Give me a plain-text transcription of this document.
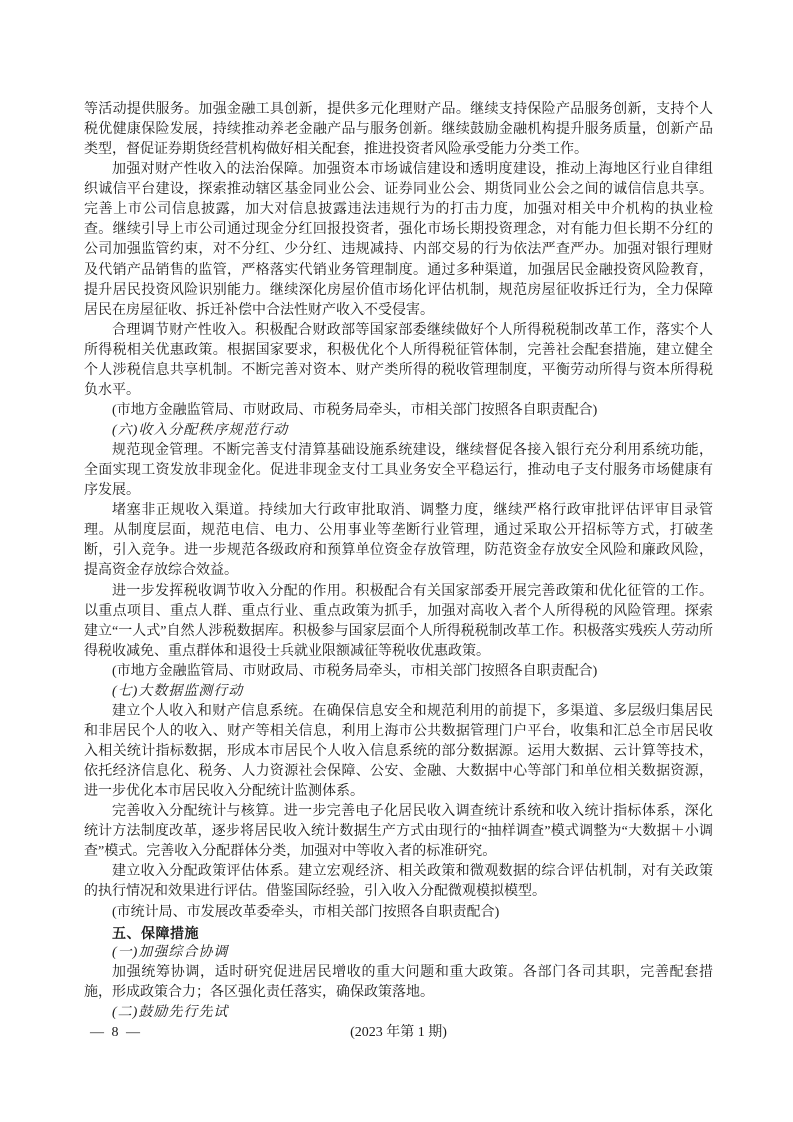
等活动提供服务。加强金融工具创新，提供多元化理财产品。继续支持保险产品服务创新，支持个人税优健康保险发展，持续推动养老金融产品与服务创新。继续鼓励金融机构提升服务质量，创新产品类型，督促证券期货经营机构做好相关配套，推进投资者风险承受能力分类工作。

加强对财产性收入的法治保障。加强资本市场诚信建设和透明度建设，推动上海地区行业自律组织诚信平台建设，探索推动辖区基金同业公会、证券同业公会、期货同业公会之间的诚信信息共享。完善上市公司信息披露，加大对信息披露违法违规行为的打击力度，加强对相关中介机构的执业检查。继续引导上市公司通过现金分红回报投资者，强化市场长期投资理念，对有能力但长期不分红的公司加强监管约束，对不分红、少分红、违规减持、内部交易的行为依法严查严办。加强对银行理财及代销产品销售的监管，严格落实代销业务管理制度。通过多种渠道，加强居民金融投资风险教育，提升居民投资风险识别能力。继续深化房屋价值市场化评估机制，规范房屋征收拆迁行为，全力保障居民在房屋征收、拆迁补偿中合法性财产收入不受侵害。

合理调节财产性收入。积极配合财政部等国家部委继续做好个人所得税税制改革工作，落实个人所得税相关优惠政策。根据国家要求，积极优化个人所得税征管体制，完善社会配套措施，建立健全个人涉税信息共享机制。不断完善对资本、财产类所得的税收管理制度，平衡劳动所得与资本所得税负水平。

(市地方金融监管局、市财政局、市税务局牵头，市相关部门按照各自职责配合)

(六)收入分配秩序规范行动

规范现金管理。不断完善支付清算基础设施系统建设，继续督促各接入银行充分利用系统功能，全面实现工资发放非现金化。促进非现金支付工具业务安全平稳运行，推动电子支付服务市场健康有序发展。

堵塞非正规收入渠道。持续加大行政审批取消、调整力度，继续严格行政审批评估评审目录管理。从制度层面，规范电信、电力、公用事业等垄断行业管理，通过采取公开招标等方式，打破垄断，引入竞争。进一步规范各级政府和预算单位资金存放管理，防范资金存放安全风险和廉政风险，提高资金存放综合效益。

进一步发挥税收调节收入分配的作用。积极配合有关国家部委开展完善政策和优化征管的工作。以重点项目、重点人群、重点行业、重点政策为抓手，加强对高收入者个人所得税的风险管理。探索建立“一人式”自然人涉税数据库。积极参与国家层面个人所得税税制改革工作。积极落实残疾人劳动所得税收减免、重点群体和退役士兵就业限额减征等税收优惠政策。

(市地方金融监管局、市财政局、市税务局牵头，市相关部门按照各自职责配合)

(七)大数据监测行动

建立个人收入和财产信息系统。在确保信息安全和规范利用的前提下，多渠道、多层级归集居民和非居民个人的收入、财产等相关信息，利用上海市公共数据管理门户平台，收集和汇总全市居民收入相关统计指标数据，形成本市居民个人收入信息系统的部分数据源。运用大数据、云计算等技术，依托经济信息化、税务、人力资源社会保障、公安、金融、大数据中心等部门和单位相关数据资源，进一步优化本市居民收入分配统计监测体系。

完善收入分配统计与核算。进一步完善电子化居民收入调查统计系统和收入统计指标体系，深化统计方法制度改革，逐步将居民收入统计数据生产方式由现行的“抽样调查”模式调整为“大数据＋小调查”模式。完善收入分配群体分类，加强对中等收入者的标准研究。

建立收入分配政策评估体系。建立宏观经济、相关政策和微观数据的综合评估机制，对有关政策的执行情况和效果进行评估。借鉴国际经验，引入收入分配微观模拟模型。

(市统计局、市发展改革委牵头，市相关部门按照各自职责配合)

五、保障措施

(一)加强综合协调

加强统筹协调，适时研究促进居民增收的重大问题和重大政策。各部门各司其职，完善配套措施，形成政策合力；各区强化责任落实，确保政策落地。

(二)鼓励先行先试

— 8 —	(2023 年第 1 期)
